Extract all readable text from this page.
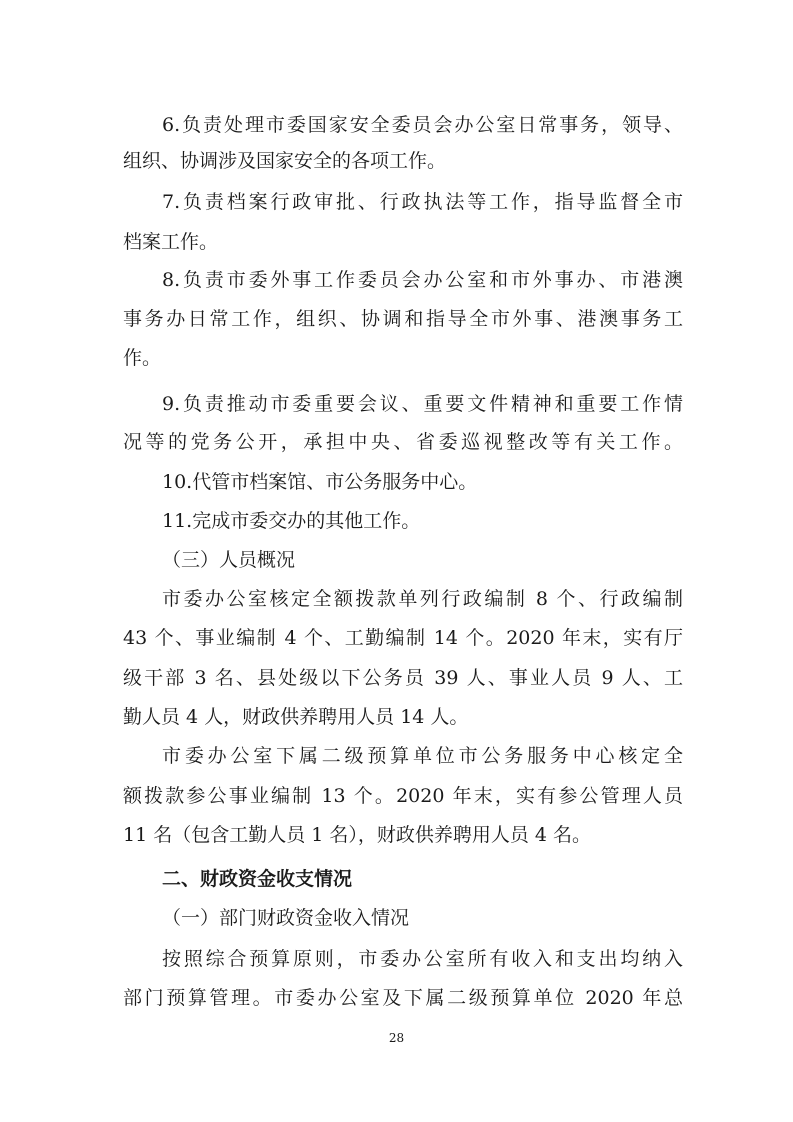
6.负责处理市委国家安全委员会办公室日常事务，领导、
组织、协调涉及国家安全的各项工作。
7.负责档案行政审批、行政执法等工作，指导监督全市
档案工作。
8.负责市委外事工作委员会办公室和市外事办、市港澳
事务办日常工作，组织、协调和指导全市外事、港澳事务工
作。
9.负责推动市委重要会议、重要文件精神和重要工作情
况等的党务公开，承担中央、省委巡视整改等有关工作。
10.代管市档案馆、市公务服务中心。
11.完成市委交办的其他工作。
（三）人员概况
市委办公室核定全额拨款单列行政编制 8 个、行政编制
43 个、事业编制 4 个、工勤编制 14 个。2020 年末，实有厅
级干部 3 名、县处级以下公务员 39 人、事业人员 9 人、工
勤人员 4 人，财政供养聘用人员 14 人。
市委办公室下属二级预算单位市公务服务中心核定全
额拨款参公事业编制 13 个。2020 年末，实有参公管理人员
11 名（包含工勤人员 1 名），财政供养聘用人员 4 名。
二、财政资金收支情况
（一）部门财政资金收入情况
按照综合预算原则，市委办公室所有收入和支出均纳入
部门预算管理。市委办公室及下属二级预算单位 2020 年总
28
